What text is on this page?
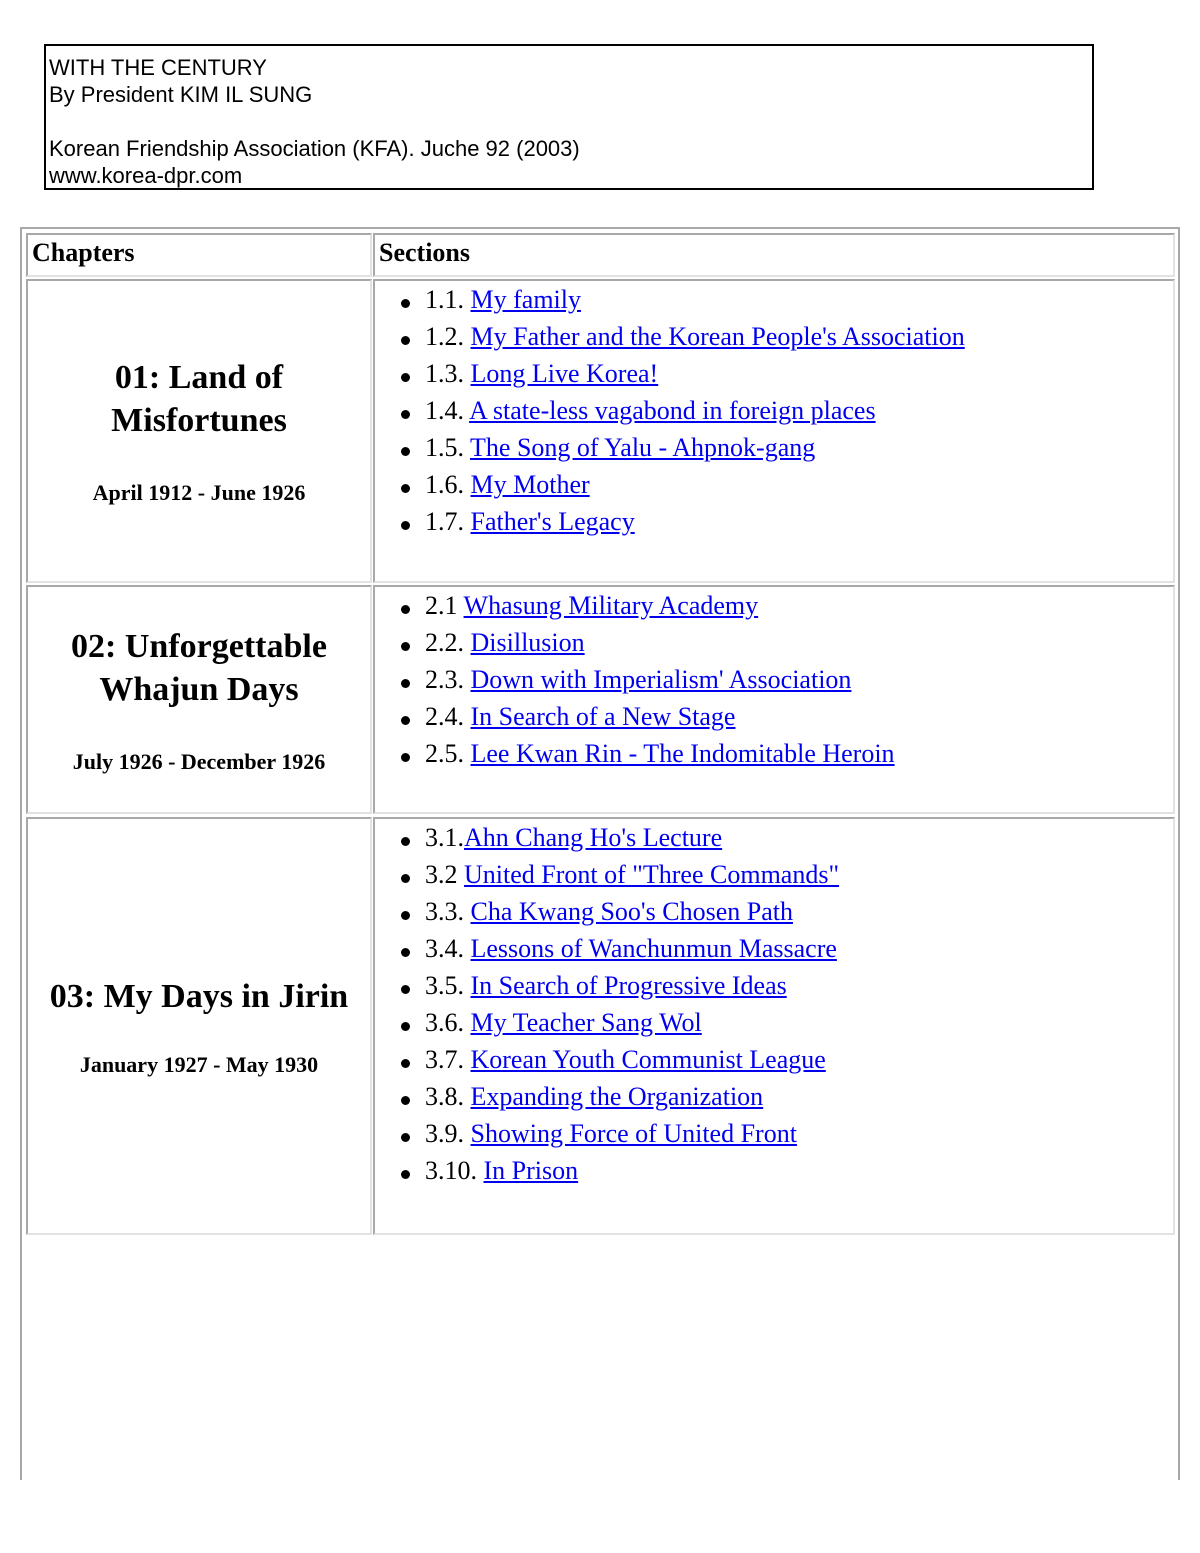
WITH THE CENTURY
By President KIM IL SUNG
Korean Friendship Association (KFA). Juche 92 (2003)
www.korea-dpr.com
Chapters	Sections
01: Land of
Misfortunes
April 1912 - June 1926
1.1. My family
1.2. My Father and the Korean People's Association
1.3. Long Live Korea!
1.4. A state-less vagabond in foreign places
1.5. The Song of Yalu - Ahpnok-gang
1.6. My Mother
1.7. Father's Legacy
02: Unforgettable
Whajun Days
July 1926 - December 1926
2.1 Whasung Military Academy
2.2. Disillusion
2.3. Down with Imperialism' Association
2.4. In Search of a New Stage
2.5. Lee Kwan Rin - The Indomitable Heroin
03: My Days in Jirin
January 1927 - May 1930
3.1.Ahn Chang Ho's Lecture
3.2 United Front of "Three Commands"
3.3. Cha Kwang Soo's Chosen Path
3.4. Lessons of Wanchunmun Massacre
3.5. In Search of Progressive Ideas
3.6. My Teacher Sang Wol
3.7. Korean Youth Communist League
3.8. Expanding the Organization
3.9. Showing Force of United Front
3.10. In Prison
